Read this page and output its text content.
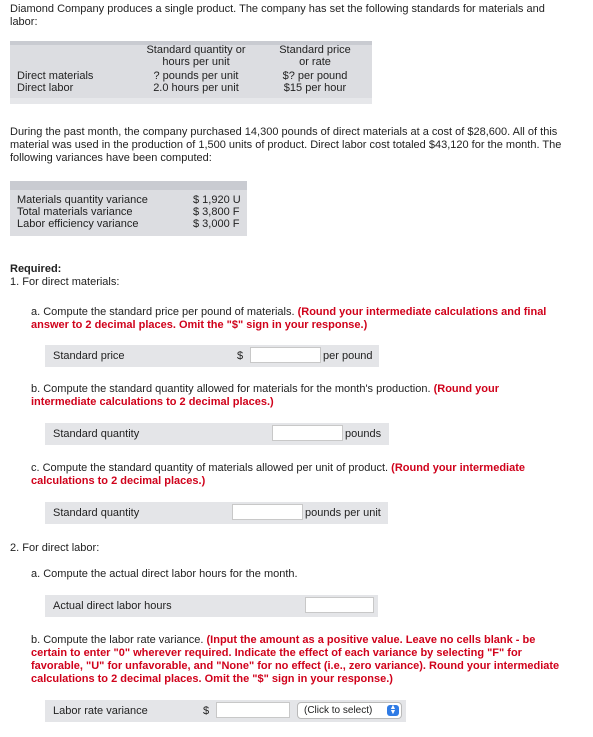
Diamond Company produces a single product. The company has set the following standards for materials and labor:
Standard quantity or
hours per unit
Standard price
or rate
Direct materials	? pounds per unit	$? per pound
Direct labor	2.0 hours per unit	$15 per hour
During the past month, the company purchased 14,300 pounds of direct materials at a cost of $28,600. All of this material was used in the production of 1,500 units of product. Direct labor cost totaled $43,120 for the month. The following variances have been computed:
Materials quantity variance	$ 1,920 U
Total materials variance	$ 3,800 F
Labor efficiency variance	$ 3,000 F
Required:
1. For direct materials:
a. Compute the standard price per pound of materials. (Round your intermediate calculations and final answer to 2 decimal places. Omit the "$" sign in your response.)
Standard price	$	per pound
b. Compute the standard quantity allowed for materials for the month's production. (Round your intermediate calculations to 2 decimal places.)
Standard quantity	pounds
c. Compute the standard quantity of materials allowed per unit of product. (Round your intermediate calculations to 2 decimal places.)
Standard quantity	pounds per unit
2. For direct labor:
a. Compute the actual direct labor hours for the month.
Actual direct labor hours
b. Compute the labor rate variance. (Input the amount as a positive value. Leave no cells blank - be certain to enter "0" wherever required. Indicate the effect of each variance by selecting "F" for favorable, "U" for unfavorable, and "None" for no effect (i.e., zero variance). Round your intermediate calculations to 2 decimal places. Omit the "$" sign in your response.)
Labor rate variance	$	(Click to select)	▲
▼
